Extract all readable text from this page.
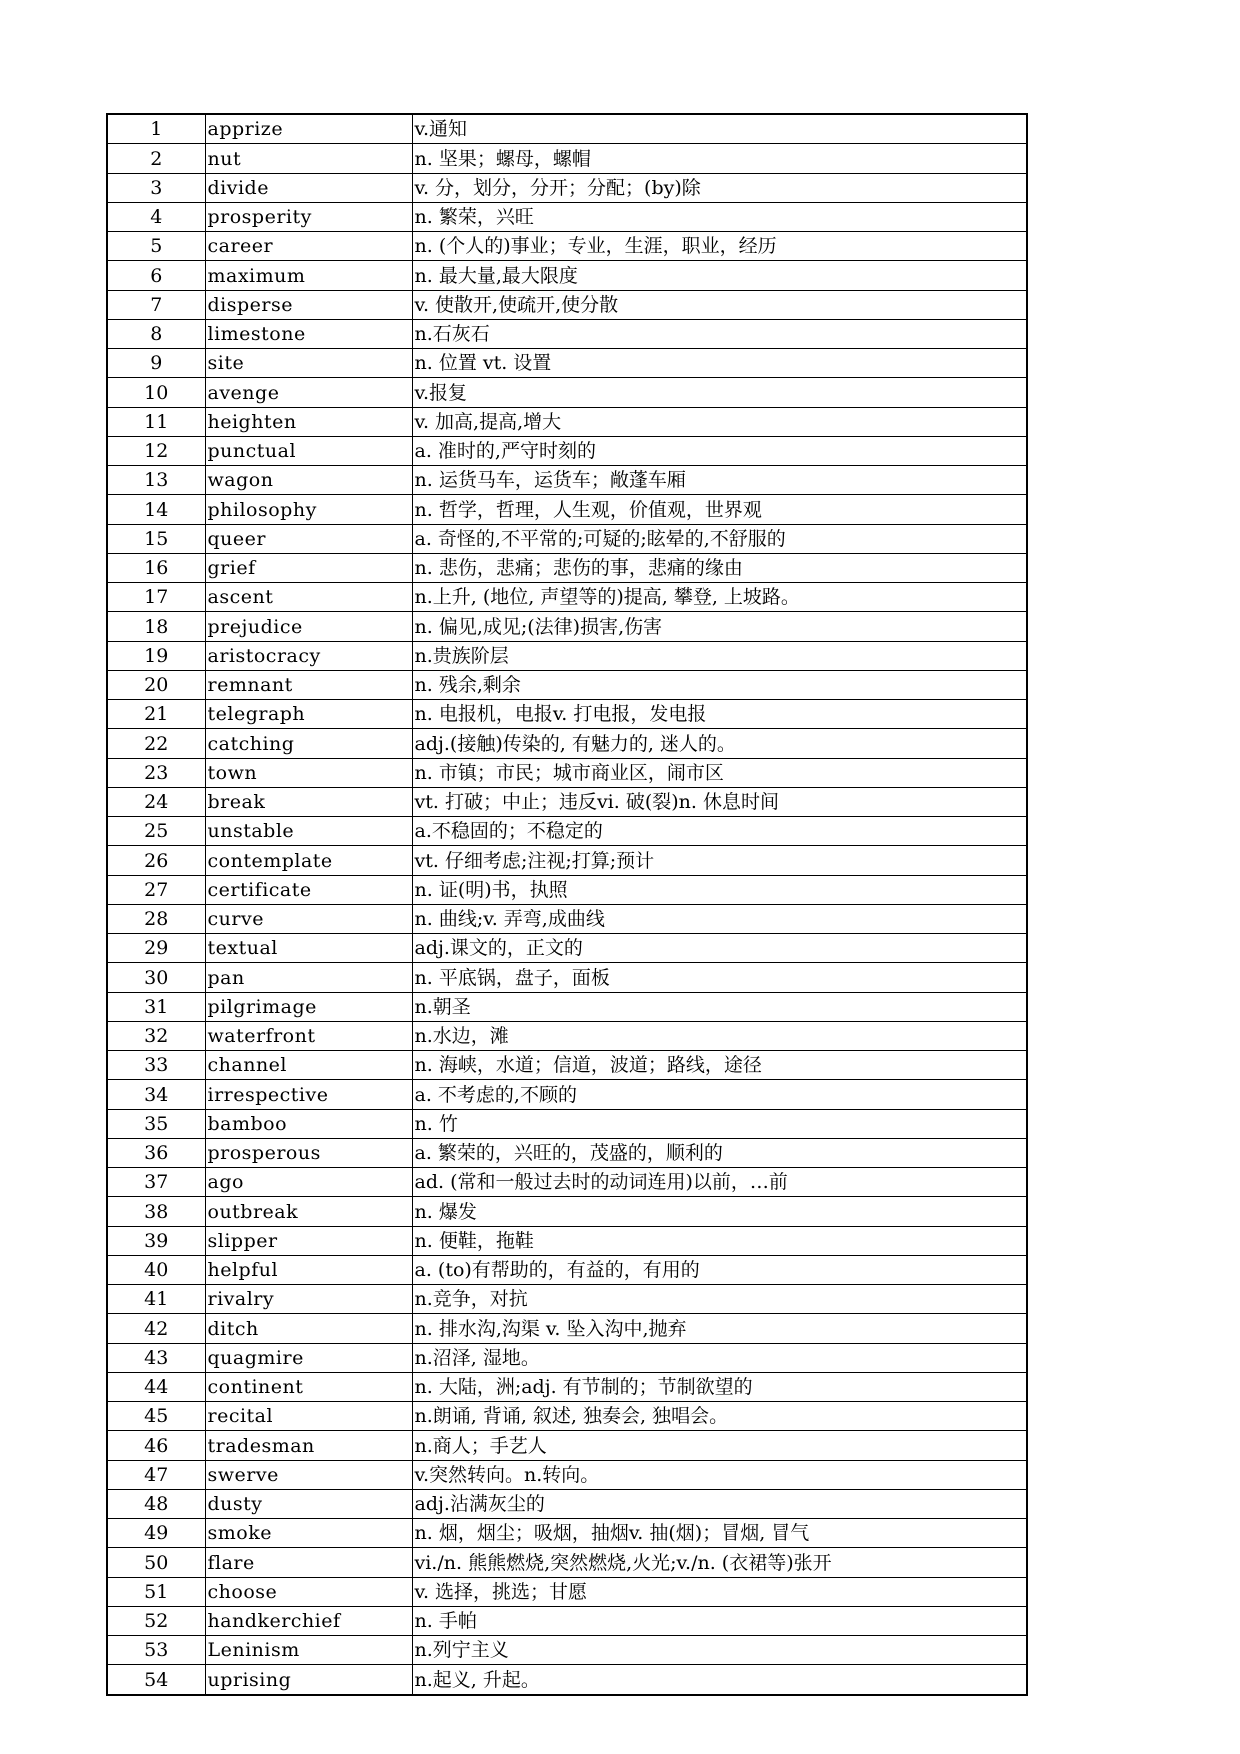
1	apprize	v.通知
2	nut	n. 坚果；螺母，螺帽
3	divide	v. 分，划分，分开；分配；(by)除
4	prosperity	n. 繁荣，兴旺
5	career	n. (个人的)事业；专业，生涯，职业，经历
6	maximum	n. 最大量,最大限度
7	disperse	v. 使散开,使疏开,使分散
8	limestone	n.石灰石
9	site	n. 位置 vt. 设置
10	avenge	v.报复
11	heighten	v. 加高,提高,增大
12	punctual	a. 准时的,严守时刻的
13	wagon	n. 运货马车，运货车；敞蓬车厢
14	philosophy	n. 哲学，哲理，人生观，价值观，世界观
15	queer	a. 奇怪的,不平常的;可疑的;眩晕的,不舒服的
16	grief	n. 悲伤，悲痛；悲伤的事，悲痛的缘由
17	ascent	n.上升, (地位, 声望等的)提高, 攀登, 上坡路。
18	prejudice	n. 偏见,成见;(法律)损害,伤害
19	aristocracy	n.贵族阶层
20	remnant	n. 残余,剩余
21	telegraph	n. 电报机，电报v. 打电报，发电报
22	catching	adj.(接触)传染的, 有魅力的, 迷人的。
23	town	n. 市镇；市民；城市商业区，闹市区
24	break	vt. 打破；中止；违反vi. 破(裂)n. 休息时间
25	unstable	a.不稳固的；不稳定的
26	contemplate	vt. 仔细考虑;注视;打算;预计
27	certificate	n. 证(明)书，执照
28	curve	n. 曲线;v. 弄弯,成曲线
29	textual	adj.课文的，正文的
30	pan	n. 平底锅，盘子，面板
31	pilgrimage	n.朝圣
32	waterfront	n.水边，滩
33	channel	n. 海峡，水道；信道，波道；路线，途径
34	irrespective	a. 不考虑的,不顾的
35	bamboo	n. 竹
36	prosperous	a. 繁荣的，兴旺的，茂盛的，顺利的
37	ago	ad. (常和一般过去时的动词连用)以前，…前
38	outbreak	n. 爆发
39	slipper	n. 便鞋，拖鞋
40	helpful	a. (to)有帮助的，有益的，有用的
41	rivalry	n.竞争，对抗
42	ditch	n. 排水沟,沟渠 v. 坠入沟中,抛弃
43	quagmire	n.沼泽, 湿地。
44	continent	n. 大陆，洲;adj. 有节制的；节制欲望的
45	recital	n.朗诵, 背诵, 叙述, 独奏会, 独唱会。
46	tradesman	n.商人；手艺人
47	swerve	v.突然转向。n.转向。
48	dusty	adj.沾满灰尘的
49	smoke	n. 烟，烟尘；吸烟，抽烟v. 抽(烟)；冒烟, 冒气
50	flare	vi./n. 熊熊燃烧,突然燃烧,火光;v./n. (衣裙等)张开
51	choose	v. 选择，挑选；甘愿
52	handkerchief	n. 手帕
53	Leninism	n.列宁主义
54	uprising	n.起义, 升起。
